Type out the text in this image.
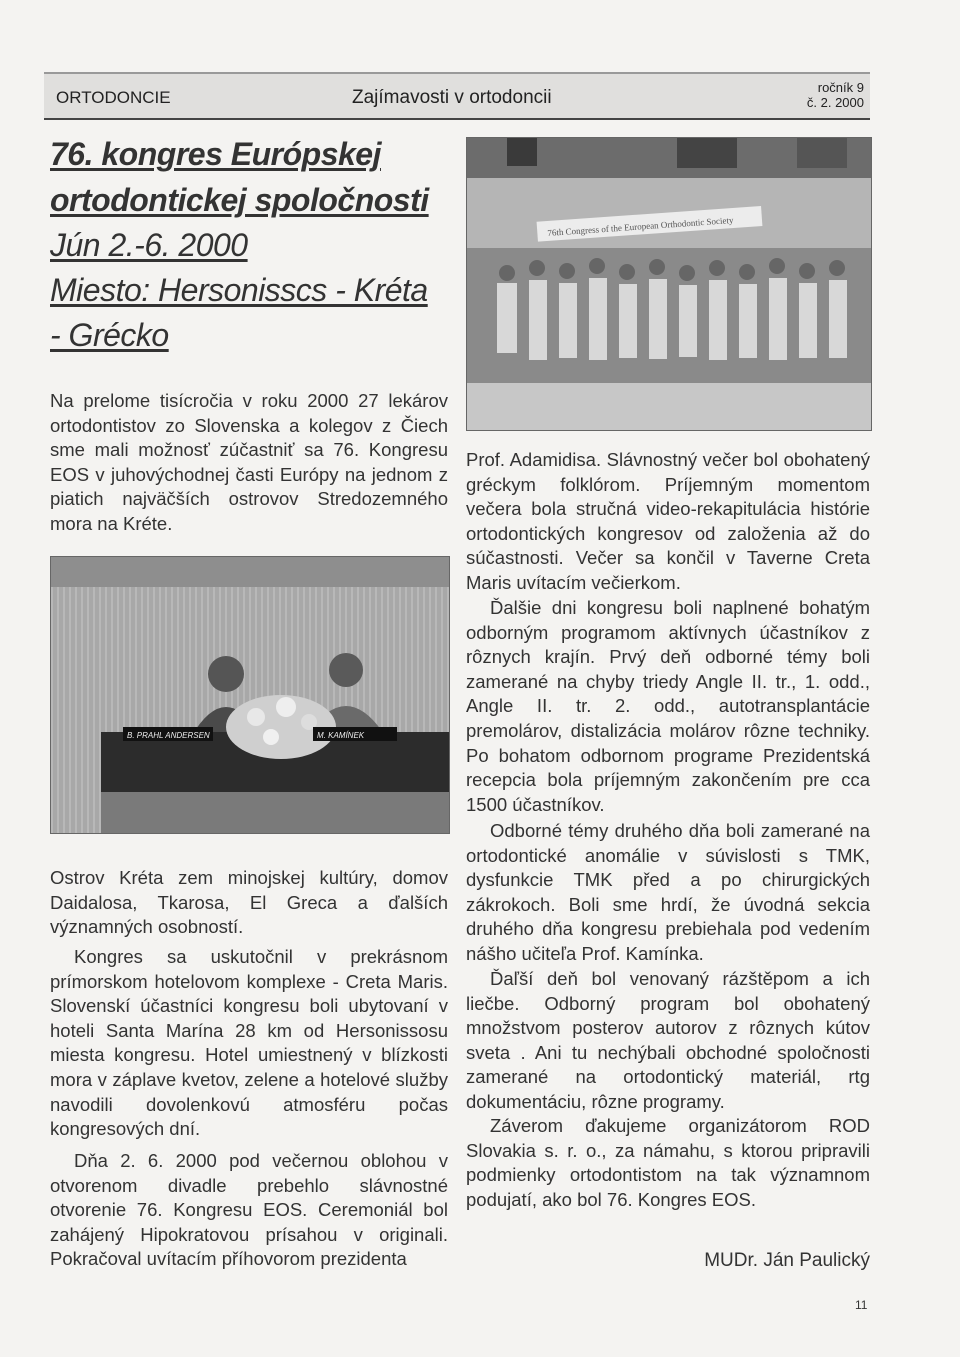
ORTODONCIE	Zajímavosti v ortodoncii	ročník 9
č. 2. 2000
76. kongres Európskej
ortodontickej spoločnosti
Jún 2.-6. 2000
Miesto: Hersonisscs - Kréta
- Grécko

Na prelome tisícročia v roku 2000 27 lekárov ortodontistov zo Slovenska a kolegov z Čiech sme mali možnosť zúčastniť sa 76. Kongresu EOS v juhovýchodnej časti Európy na jednom z piatich najväčších ostrovov Stredozemného mora na Kréte.

B. PRAHL ANDERSEN	M. KAMÍNEK

Ostrov Kréta zem minojskej kultúry, domov Daidalosa, Tkarosa, El Greca a ďalších významných osobností.

Kongres sa uskutočnil v prekrásnom prímorskom hotelovom komplexe - Creta Maris. Slovenskí účastníci kongresu boli ubytovaní v hoteli Santa Marína 28 km od Hersonissosu miesta kongresu. Hotel umiestnený v blízkosti mora v záplave kvetov, zelene a hotelové služby navodili dovolenkovú atmosféru počas kongresových dní.

Dňa 2. 6. 2000 pod večernou oblohou v otvorenom divadle prebehlo slávnostné otvorenie 76. Kongresu EOS. Ceremoniál bol zahájený Hipokratovou prísahou v originali. Pokračoval uvítacím příhovorom prezidenta

76th Congress of the European Orthodontic Society

Prof. Adamidisa. Slávnostný večer bol obohatený gréckym folklórom. Príjemným momentom večera bola stručná video-rekapitulácia histórie ortodontických kongresov od založenia až do súčastnosti. Večer sa končil v Taverne Creta Maris uvítacím večierkom.

Ďalšie dni kongresu boli naplnené bohatým odborným programom aktívnych účastníkov z rôznych krajín. Prvý deň odborné témy boli zamerané na chyby triedy Angle II. tr., 1. odd., Angle II. tr. 2. odd., autotransplantácie premolárov, distalizácia molárov rôzne techniky. Po bohatom odbornom programe Prezidentská recepcia bola príjemným zakončením pre cca 1500 účastníkov.

Odborné témy druhého dňa boli zamerané na ortodontické anomálie v súvislosti s TMK, dysfunkcie TMK před a po chirurgických zákrokoch. Boli sme hrdí, že úvodná sekcia druhého dňa kongresu prebiehala pod vedením nášho učiteľa Prof. Kamínka.

Ďaľší deň bol venovaný rázštěpom a ich liečbe. Odborný program bol obohatený množstvom posterov autorov z rôznych kútov sveta . Ani tu nechýbali obchodné spoločnosti zamerané na ortodontický materiál, rtg dokumentáciu, rôzne programy.

Záverom ďakujeme organizátorom ROD Slovakia s. r. o., za námahu, s ktorou pripravili podmienky ortodontistom na tak významnom podujatí, ako bol 76. Kongres EOS.

MUDr. Ján Paulický
11
